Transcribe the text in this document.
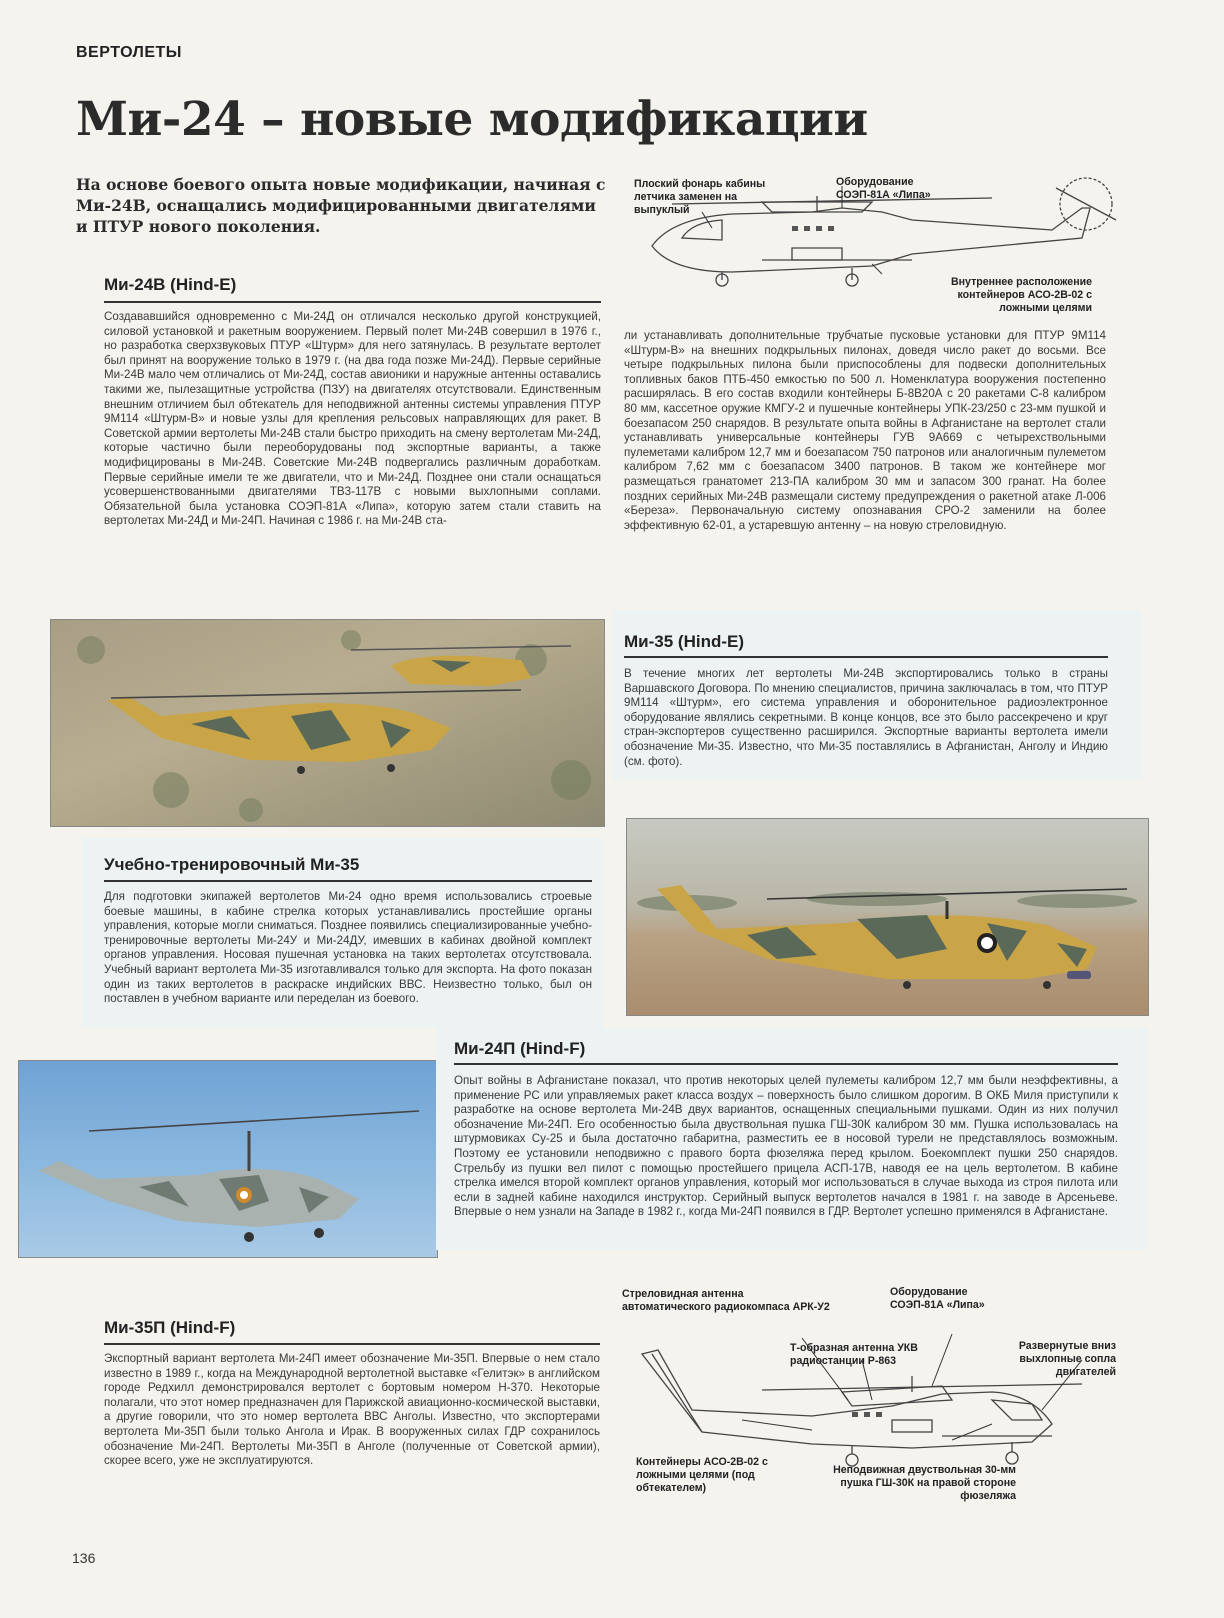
ВЕРТОЛЕТЫ
Ми-24 – новые модификации
На основе боевого опыта новые модификации, начиная с Ми-24В, оснащались модифицированными двигателями и ПТУР нового поколения.
Плоский фонарь кабины летчика заменен на выпуклый
Оборудование СОЭП-81А «Липа»
Внутреннее расположение контейнеров АСО-2В-02 с ложными целями
Ми-24В (Hind-E)
Создававшийся одновременно с Ми-24Д он отличался несколько другой конструкцией, силовой установкой и ракетным вооружением. Первый полет Ми-24В совершил в 1976 г., но разработка сверхзвуковых ПТУР «Штурм» для него затянулась. В результате вертолет был принят на вооружение только в 1979 г. (на два года позже Ми-24Д). Первые серийные Ми-24В мало чем отличались от Ми-24Д, состав авионики и наружные антенны оставались такими же, пылезащитные устройства (ПЗУ) на двигателях отсутствовали. Единственным внешним отличием был обтекатель для неподвижной антенны системы управления ПТУР 9М114 «Штурм-В» и новые узлы для крепления рельсовых направляющих для ракет. В Советской армии вертолеты Ми-24В стали быстро приходить на смену вертолетам Ми-24Д, которые частично были переоборудованы под экспортные варианты, а также модифицированы в Ми-24В. Советские Ми-24В подвергались различным доработкам. Первые серийные имели те же двигатели, что и Ми-24Д. Позднее они стали оснащаться усовершенствованными двигателями ТВ3-117В с новыми выхлопными соплами. Обязательной была установка СОЭП-81А «Липа», которую затем стали ставить на вертолетах Ми-24Д и Ми-24П. Начиная с 1986 г. на Ми-24В ста-
ли устанавливать дополнительные трубчатые пусковые установки для ПТУР 9М114 «Штурм-В» на внешних подкрыльных пилонах, доведя число ракет до восьми. Все четыре подкрыльных пилона были приспособлены для подвески дополнительных топливных баков ПТБ-450 емкостью по 500 л. Номенклатура вооружения постепенно расширялась. В его состав входили контейнеры Б-8В20А с 20 ракетами С-8 калибром 80 мм, кассетное оружие КМГУ-2 и пушечные контейнеры УПК-23/250 с 23-мм пушкой и боезапасом 250 снарядов. В результате опыта войны в Афганистане на вертолет стали устанавливать универсальные контейнеры ГУВ 9А669 с четырехствольными пулеметами калибром 12,7 мм и боезапасом 750 патронов или аналогичным пулеметом калибром 7,62 мм с боезапасом 3400 патронов. В таком же контейнере мог размещаться гранатомет 213-ПА калибром 30 мм и запасом 300 гранат. На более поздних серийных Ми-24В размещали систему предупреждения о ракетной атаке Л-006 «Береза». Первоначальную систему опознавания СРО-2 заменили на более эффективную 62-01, а устаревшую антенну – на новую стреловидную.
Ми-35 (Hind-E)
В течение многих лет вертолеты Ми-24В экспортировались только в страны Варшавского Договора. По мнению специалистов, причина заключалась в том, что ПТУР 9М114 «Штурм», его система управления и оборонительное радиоэлектронное оборудование являлись секретными. В конце концов, все это было рассекречено и круг стран-экспортеров существенно расширился. Экспортные варианты вертолета имели обозначение Ми-35. Известно, что Ми-35 поставлялись в Афганистан, Анголу и Индию (см. фото).
Учебно-тренировочный Ми-35
Для подготовки экипажей вертолетов Ми-24 одно время использовались строевые боевые машины, в кабине стрелка которых устанавливались простейшие органы управления, которые могли сниматься. Позднее появились специализированные учебно-тренировочные вертолеты Ми-24У и Ми-24ДУ, имевших в кабинах двойной комплект органов управления. Носовая пушечная установка на таких вертолетах отсутствовала. Учебный вариант вертолета Ми-35 изготавливался только для экспорта. На фото показан один из таких вертолетов в раскраске индийских ВВС. Неизвестно только, был он поставлен в учебном варианте или переделан из боевого.
Ми-24П (Hind-F)
Опыт войны в Афганистане показал, что против некоторых целей пулеметы калибром 12,7 мм были неэффективны, а применение РС или управляемых ракет класса воздух – поверхность было слишком дорогим. В ОКБ Миля приступили к разработке на основе вертолета Ми-24В двух вариантов, оснащенных специальными пушками. Один из них получил обозначение Ми-24П. Его особенностью была двуствольная пушка ГШ-30К калибром 30 мм. Пушка использовалась на штурмовиках Су-25 и была достаточно габаритна, разместить ее в носовой турели не представлялось возможным. Поэтому ее установили неподвижно с правого борта фюзеляжа перед крылом. Боекомплект пушки 250 снарядов. Стрельбу из пушки вел пилот с помощью простейшего прицела АСП-17В, наводя ее на цель вертолетом. В кабине стрелка имелся второй комплект органов управления, который мог использоваться в случае выхода из строя пилота или если в задней кабине находился инструктор. Серийный выпуск вертолетов начался в 1981 г. на заводе в Арсеньеве. Впервые о нем узнали на Западе в 1982 г., когда Ми-24П появился в ГДР. Вертолет успешно применялся в Афганистане.
Ми-35П (Hind-F)
Экспортный вариант вертолета Ми-24П имеет обозначение Ми-35П. Впервые о нем стало известно в 1989 г., когда на Международной вертолетной выставке «Гелитэк» в английском городе Редхилл демонстрировался вертолет с бортовым номером Н-370. Некоторые полагали, что этот номер предназначен для Парижской авиационно-космической выставки, а другие говорили, что это номер вертолета ВВС Анголы. Известно, что экспортерами вертолета Ми-35П были только Ангола и Ирак. В вооруженных силах ГДР сохранилось обозначение Ми-24П. Вертолеты Ми-35П в Анголе (полученные от Советской армии), скорее всего, уже не эксплуатируются.
Стреловидная антенна автоматического радиокомпаса АРК-У2
Оборудование СОЭП-81А «Липа»
Т-образная антенна УКВ радиостанции Р-863
Развернутые вниз выхлопные сопла двигателей
Контейнеры АСО-2В-02 с ложными целями (под обтекателем)
Неподвижная двуствольная 30-мм пушка ГШ-30К на правой стороне фюзеляжа
136
